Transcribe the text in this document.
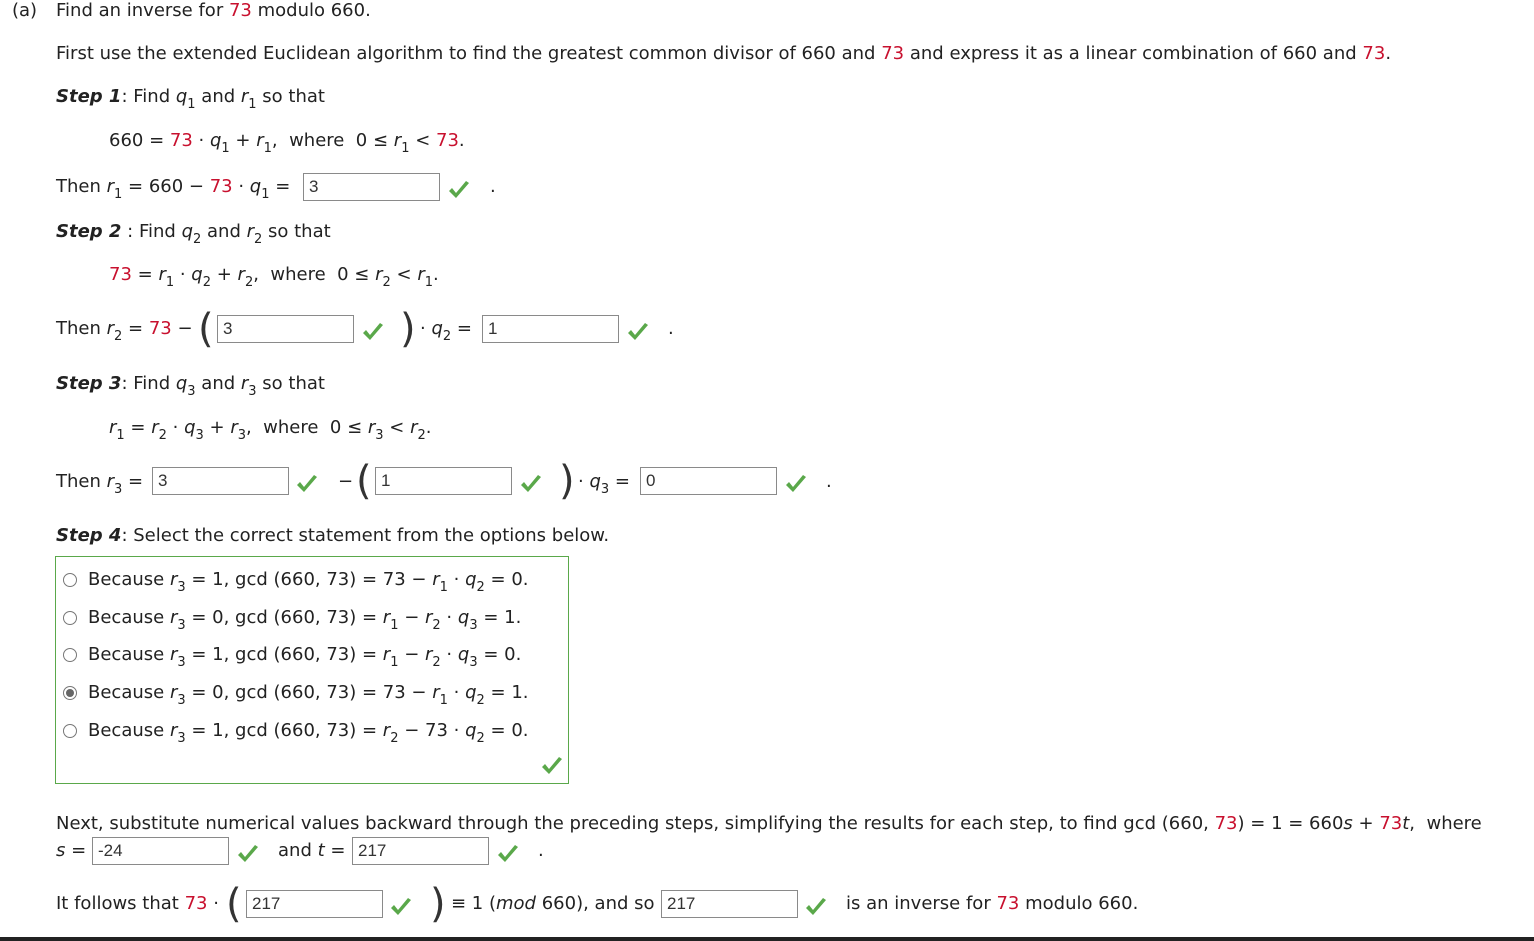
(a) Find an inverse for 73 modulo 660.
First use the extended Euclidean algorithm to find the greatest common divisor of 660 and 73 and express it as a linear combination of 660 and 73.
Step 1: Find $q_1$ and $r_1$ so that
$660 = 73 \cdot q_1 + r_1$,  where  $0 \le r_1 < 73$.
Then $r_1 = 660 - 73 \cdot q_1$ =	3	.
Step 2 : Find $q_2$ and $r_2$ so that
$73 = r_1 \cdot q_2 + r_2$,  where  $0 \le r_2 < r_1$.
Then $r_2 = 73$ − ( 3	) · $q_2 = 1$	.
Step 3: Find $q_3$ and $r_3$ so that
$r_1 = r_2 \cdot q_3 + r_3$,  where  $0 \le r_3 < r_2$.
Then $r_3 = 3$	− ( 1	) · $q_3 = 0$	.
Step 4: Select the correct statement from the options below.
Because $r_3 = 1$, gcd (660, $73) = 73 - r_1 \cdot q_2 = 0$.
Because $r_3 = 0$, gcd (660, $73) = r_1 - r_2 \cdot q_3 = 1$.
Because $r_3 = 1$, gcd (660, $73) = r_1 - r_2 \cdot q_3 = 0$.
Because $r_3 = 0$, gcd (660, $73) = 73 - r_1 \cdot q_2 = 1$.
Because $r_3 = 1$, gcd (660, $73) = r_2 - 73 \cdot q_2 = 0$.
Next, substitute numerical values backward through the preceding steps, simplifying the results for each step, to find gcd (660, 73) = 1 = 660s + 73t,  where
s = -24	and t = 217	.
It follows that 73 · ( 217	) ≡ 1 (mod 660), and so 217	is an inverse for 73 modulo 660.
